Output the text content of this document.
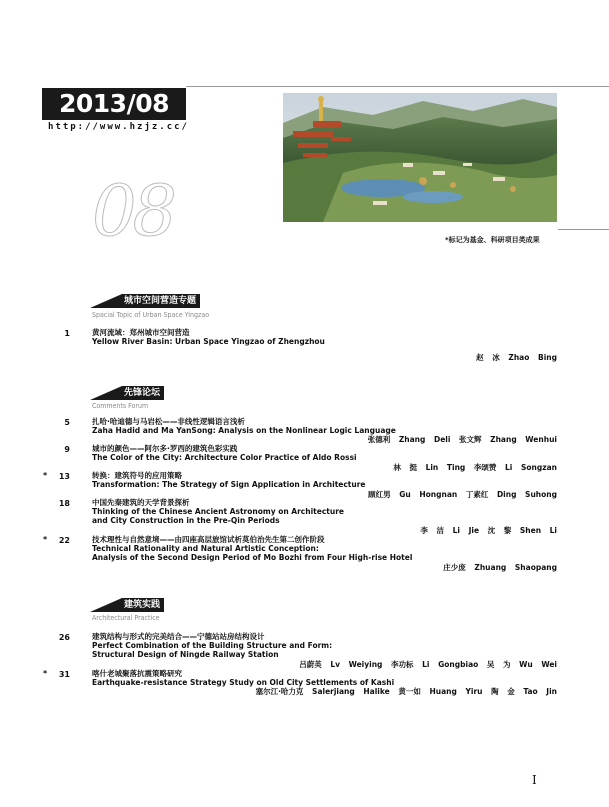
2013/08
http://www.hzjz.cc/
08	*标记为基金、科研项目类成果
城市空间营造专题
Spacial Topic of Urban Space Yingzao
1	黄河流域：郑州城市空间营造
Yellow River Basin: Urban Space Yingzao of Zhengzhou
赵 冰 Zhao Bing
先锋论坛
Comments Forum
5	扎哈·哈迪德与马岩松——非线性逻辑语言浅析
Zaha Hadid and Ma YanSong: Analysis on the Nonlinear Logic Language
张德利 Zhang Deli 张文辉 Zhang Wenhui
9	城市的颜色——阿尔多·罗西的建筑色彩实践
The Color of the City: Architecture Color Practice of Aldo Rossi
林 挺 Lin Ting 李颂赞 Li Songzan
*	13	转换：建筑符号的应用策略
Transformation: The Strategy of Sign Application in Architecture
顾红男 Gu Hongnan 丁素红 Ding Suhong
18	中国先秦建筑的天学背景探析
Thinking of the Chinese Ancient Astronomy on Architecture
and City Construction in the Pre-Qin Periods
李 洁 Li Jie 沈 黎 Shen Li
*	22	技术理性与自然意境——由四座高层旅馆试析莫伯治先生第二创作阶段
Technical Rationality and Natural Artistic Conception:
Analysis of the Second Design Period of Mo Bozhi from Four High-rise Hotel
庄少庞 Zhuang Shaopang
建筑实践
Architectural Practice
26	建筑结构与形式的完美结合——宁德站站房结构设计
Perfect Combination of the Building Structure and Form:
Structural Design of Ningde Railway Station
吕蔚英 Lv Weiying 李功标 Li Gongbiao 吴 为 Wu Wei
*	31	喀什老城聚落抗震策略研究
Earthquake-resistance Strategy Study on Old City Settlements of Kashi
塞尔江·哈力克 Salerjiang Halike 黄一如 Huang Yiru 陶 金 Tao Jin
I
